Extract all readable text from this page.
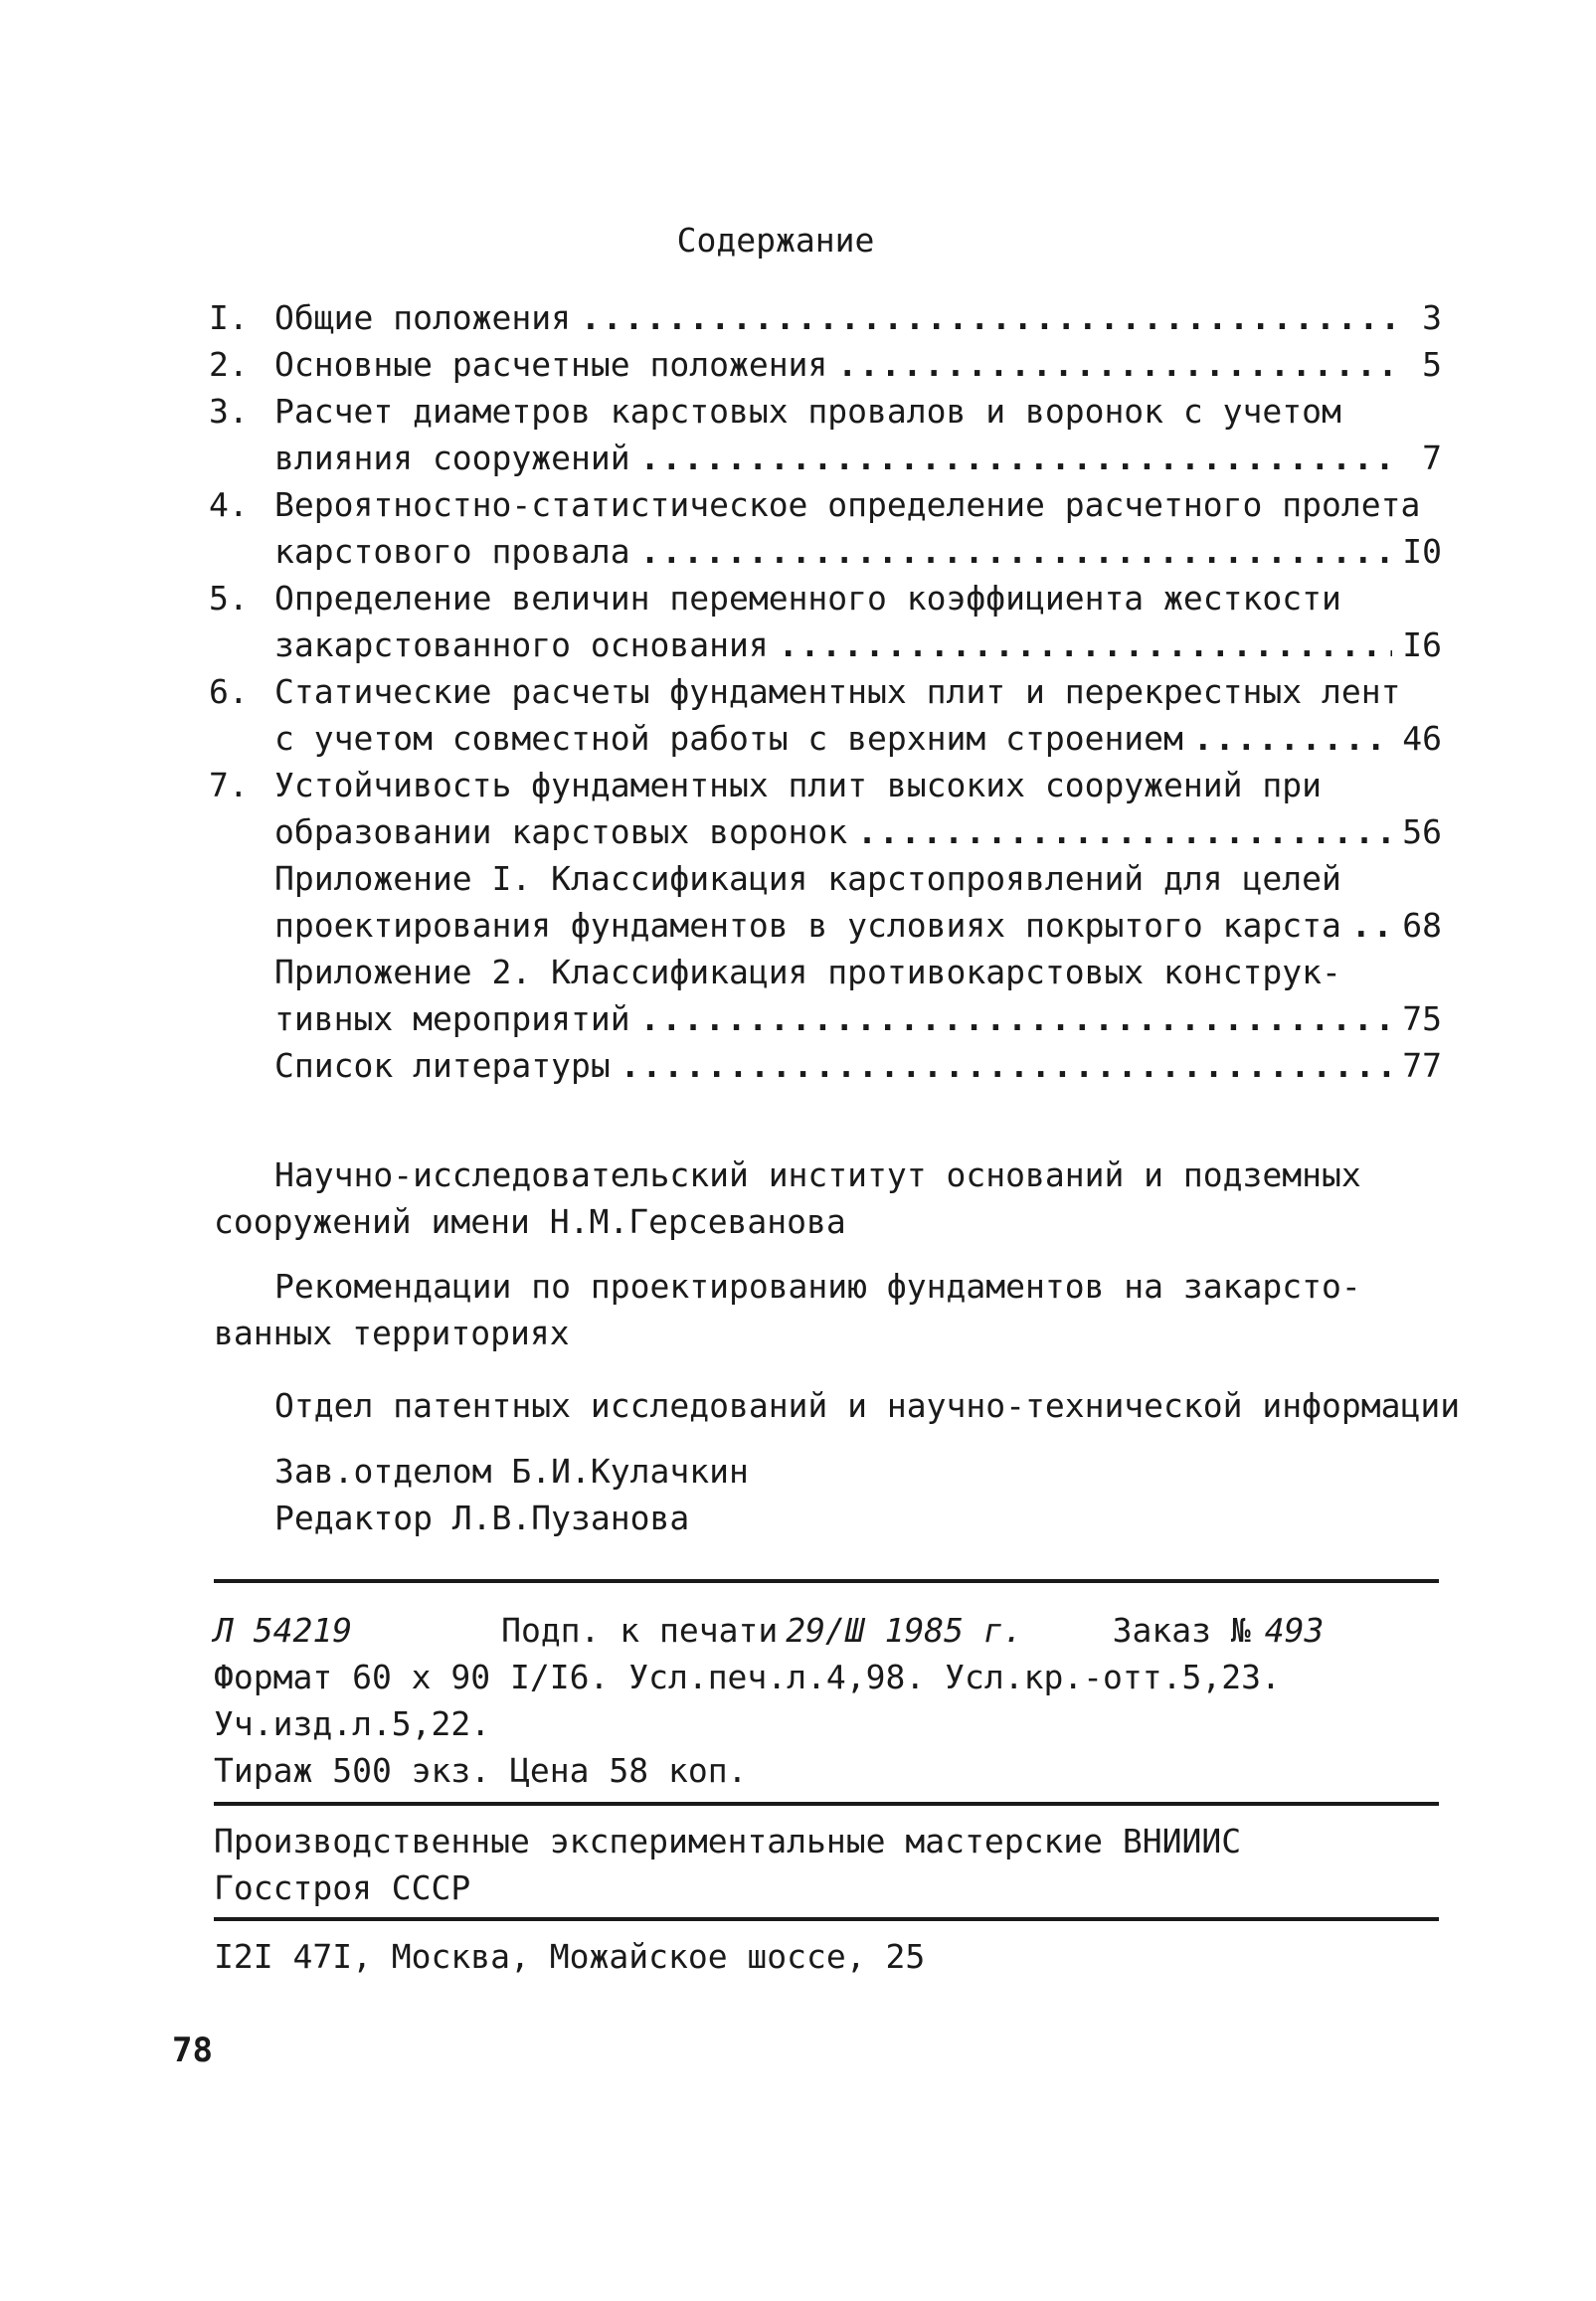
Содержание
I. Общие положения . . .	3
2. Основные расчетные положения . . .	5
3. Расчет диаметров карстовых провалов и воронок с учетом
влияния сооружений . . .	7
4. Вероятностно-статистическое определение расчетного пролета
карстового провала . . .	I0
5. Определение величин переменного коэффициента жесткости
закарстованного основания . . .	I6
6. Статические расчеты фундаментных плит и перекрестных лент
с учетом совместной работы с верхним строением . . .	46
7. Устойчивость фундаментных плит высоких сооружений при
образовании карстовых воронок . . .	56
Приложение I. Классификация карстопроявлений для целей
проектирования фундаментов в условиях покрытого карста . . . 68
Приложение 2. Классификация противокарстовых конструк-
тивных мероприятий . . .	75
Список литературы . . .	77
Научно-исследовательский институт оснований и подземных
сооружений имени Н.М.Герсеванова
Рекомендации по проектированию фундаментов на закарсто-
ванных территориях
Отдел патентных исследований и научно-технической информации
Зав.отделом Б.И.Кулачкин
Редактор Л.В.Пузанова
Л 54219	Подп. к печати 29/Ш 1985 г.	Заказ № 493
Формат 60 х 90 I/I6. Усл.печ.л.4,98. Усл.кр.-отт.5,23.
Уч.изд.л.5,22.
Тираж 500 экз. Цена 58 коп.
Производственные экспериментальные мастерские ВНИИИС
Госстроя СССР
I2I 47I, Москва, Можайское шоссе, 25
78
